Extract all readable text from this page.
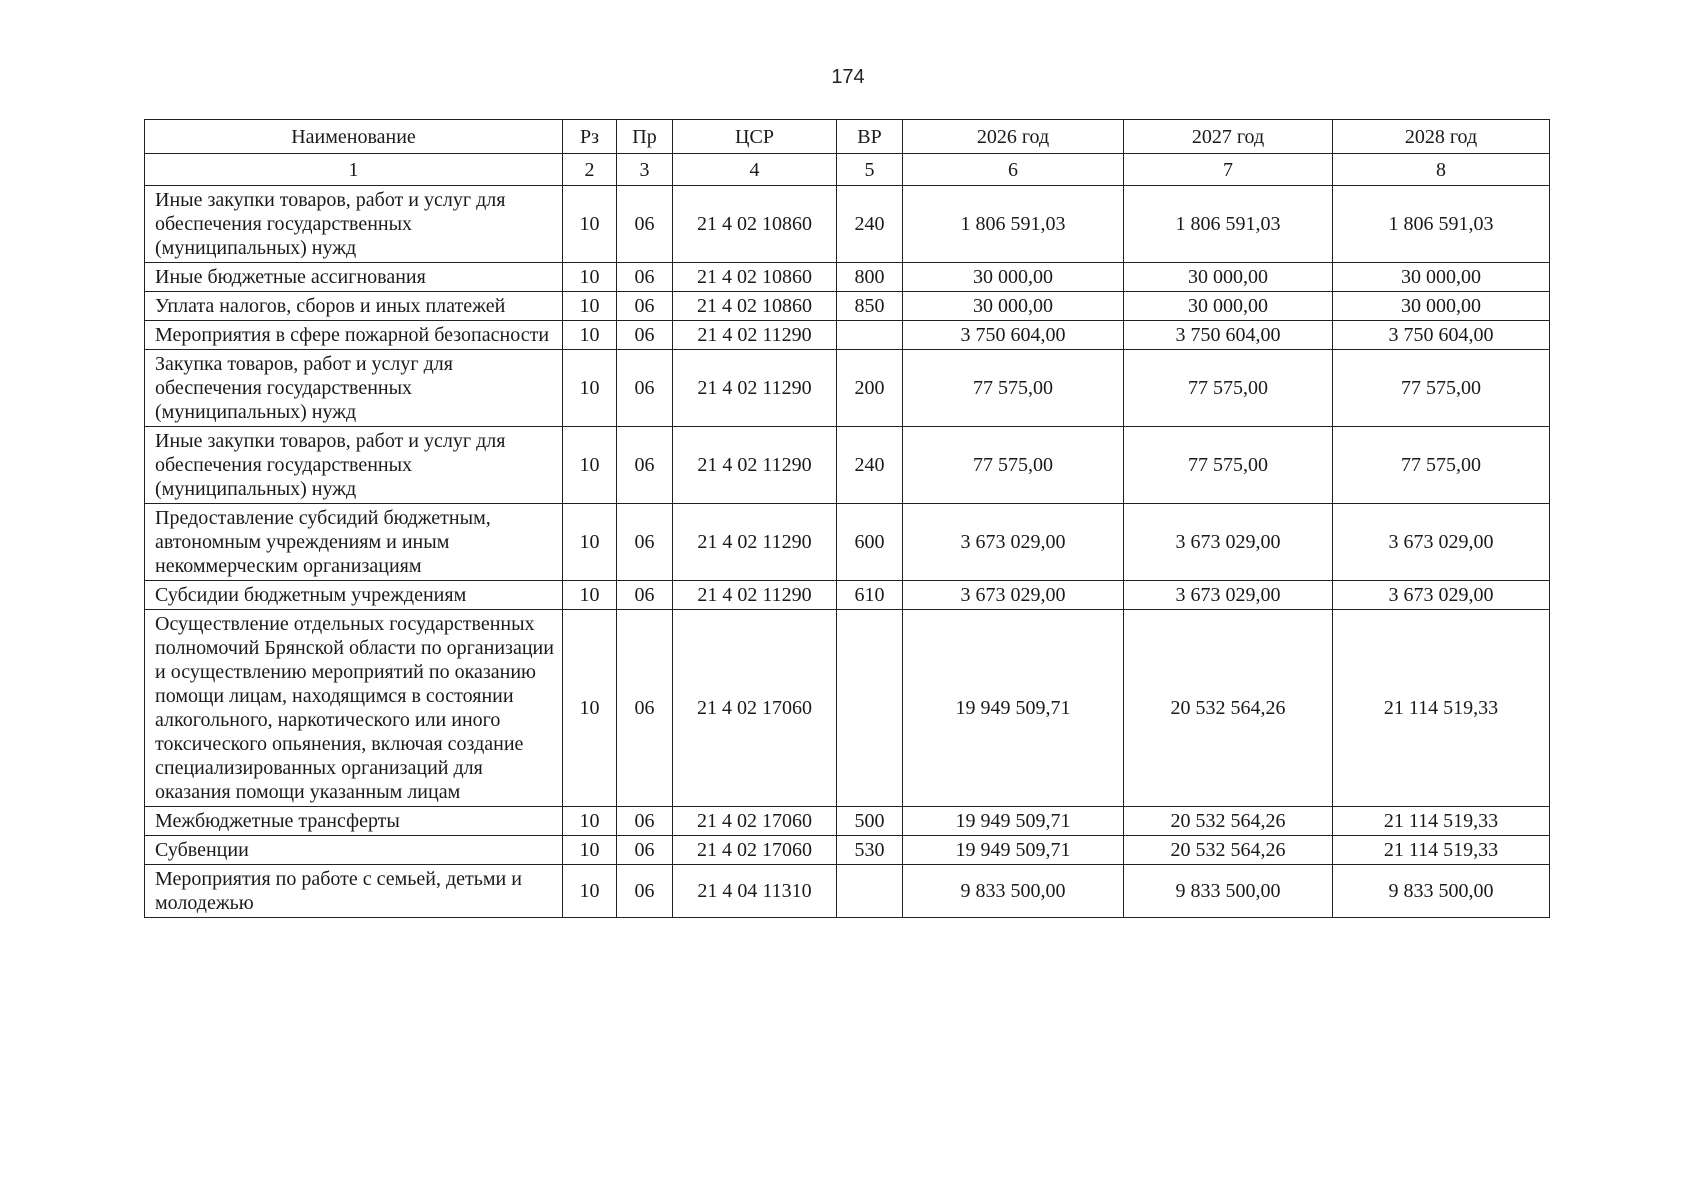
174
Наименование	Рз	Пр	ЦСР	ВР	2026 год	2027 год	2028 год
1	2	3	4	5	6	7	8
Иные закупки товаров, работ и услуг для обеспечения государственных (муниципальных) нужд	10	06	21 4 02 10860	240	1 806 591,03	1 806 591,03	1 806 591,03
Иные бюджетные ассигнования	10	06	21 4 02 10860	800	30 000,00	30 000,00	30 000,00
Уплата налогов, сборов и иных платежей	10	06	21 4 02 10860	850	30 000,00	30 000,00	30 000,00
Мероприятия в сфере пожарной безопасности	10	06	21 4 02 11290		3 750 604,00	3 750 604,00	3 750 604,00
Закупка товаров, работ и услуг для обеспечения государственных (муниципальных) нужд	10	06	21 4 02 11290	200	77 575,00	77 575,00	77 575,00
Иные закупки товаров, работ и услуг для обеспечения государственных (муниципальных) нужд	10	06	21 4 02 11290	240	77 575,00	77 575,00	77 575,00
Предоставление субсидий бюджетным, автономным учреждениям и иным некоммерческим организациям	10	06	21 4 02 11290	600	3 673 029,00	3 673 029,00	3 673 029,00
Субсидии бюджетным учреждениям	10	06	21 4 02 11290	610	3 673 029,00	3 673 029,00	3 673 029,00
Осуществление отдельных государственных полномочий Брянской области по организации и осуществлению мероприятий по оказанию помощи лицам, находящимся в состоянии алкогольного, наркотического или иного токсического опьянения, включая создание специализированных организаций для оказания помощи указанным лицам	10	06	21 4 02 17060		19 949 509,71	20 532 564,26	21 114 519,33
Межбюджетные трансферты	10	06	21 4 02 17060	500	19 949 509,71	20 532 564,26	21 114 519,33
Субвенции	10	06	21 4 02 17060	530	19 949 509,71	20 532 564,26	21 114 519,33
Мероприятия по работе с семьей, детьми и молодежью	10	06	21 4 04 11310		9 833 500,00	9 833 500,00	9 833 500,00
